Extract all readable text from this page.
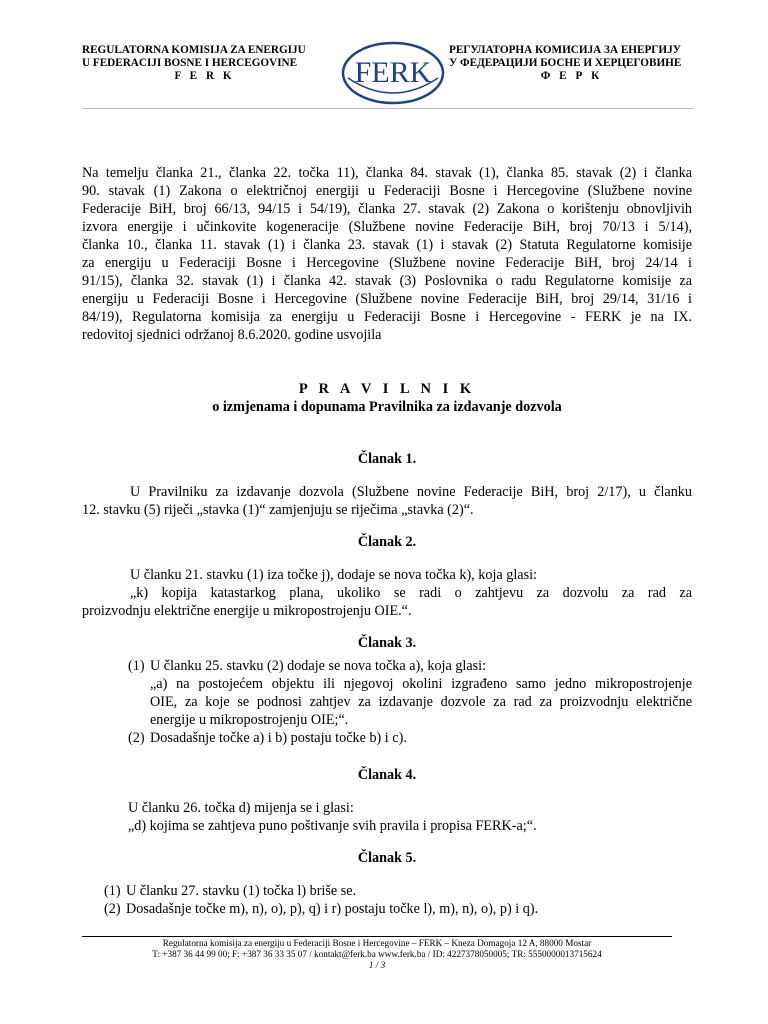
REGULATORNA KOMISIJA ZA ENERGIJU
U FEDERACIJI BOSNE I HERCEGOVINE
F E R K	FERK
РЕГУЛАТОРНА КОМИСИЈА ЗА ЕНЕРГИЈУ
У ФЕДЕРАЦИЈИ БОСНЕ И ХЕРЦЕГОВИНЕ
Ф Е Р К
Na temelju članka 21., članka 22. točka 11), članka 84. stavak (1), članka 85. stavak (2) i članka
90. stavak (1) Zakona o električnoj energiji u Federaciji Bosne i Hercegovine (Službene novine
Federacije BiH, broj 66/13, 94/15 i 54/19), članka 27. stavak (2) Zakona o korištenju obnovljivih
izvora energije i učinkovite kogeneracije (Službene novine Federacije BiH, broj 70/13 i 5/14),
članka 10., članka 11. stavak (1) i članka 23. stavak (1) i stavak (2) Statuta Regulatorne komisije
za energiju u Federaciji Bosne i Hercegovine (Službene novine Federacije BiH, broj 24/14 i
91/15), članka 32. stavak (1) i članka 42. stavak (3) Poslovnika o radu Regulatorne komisije za
energiju u Federaciji Bosne i Hercegovine (Službene novine Federacije BiH, broj 29/14, 31/16 i
84/19), Regulatorna komisija za energiju u Federaciji Bosne i Hercegovine - FERK je na IX.
redovitoj sjednici održanoj 8.6.2020. godine usvojila
P R A V I L N I K
o izmjenama i dopunama Pravilnika za izdavanje dozvola
Članak 1.
U Pravilniku za izdavanje dozvola (Službene novine Federacije BiH, broj 2/17), u članku
12. stavku (5) riječi „stavka (1)“ zamjenjuju se riječima „stavka (2)“.
Članak 2.
U članku 21. stavku (1) iza točke j), dodaje se nova točka k), koja glasi:
„k) kopija katastarkog plana, ukoliko se radi o zahtjevu za dozvolu za rad za
proizvodnju električne energije u mikropostrojenju OIE.“.
Članak 3.
(1) U članku 25. stavku (2) dodaje se nova točka a), koja glasi:
„a) na postojećem objektu ili njegovoj okolini izgrađeno samo jedno mikropostrojenje
OIE, za koje se podnosi zahtjev za izdavanje dozvole za rad za proizvodnju električne
energije u mikropostrojenju OIE;“.
(2) Dosadašnje točke a) i b) postaju točke b) i c).
Članak 4.
U članku 26. točka d) mijenja se i glasi:
„d) kojima se zahtjeva puno poštivanje svih pravila i propisa FERK-a;“.
Članak 5.
(1) U članku 27. stavku (1) točka l) briše se.
(2) Dosadašnje točke m), n), o), p), q) i r) postaju točke l), m), n), o), p) i q).
Regulatorna komisija za energiju u Federaciji Bosne i Hercegovine – FERK – Kneza Domagoja 12 A, 88000 Mostar
T: +387 36 44 99 00; F: +387 36 33 35 07 / kontakt@ferk.ba www.ferk.ba / ID: 4227378050005; TR: 5550000013715624
1 / 3
